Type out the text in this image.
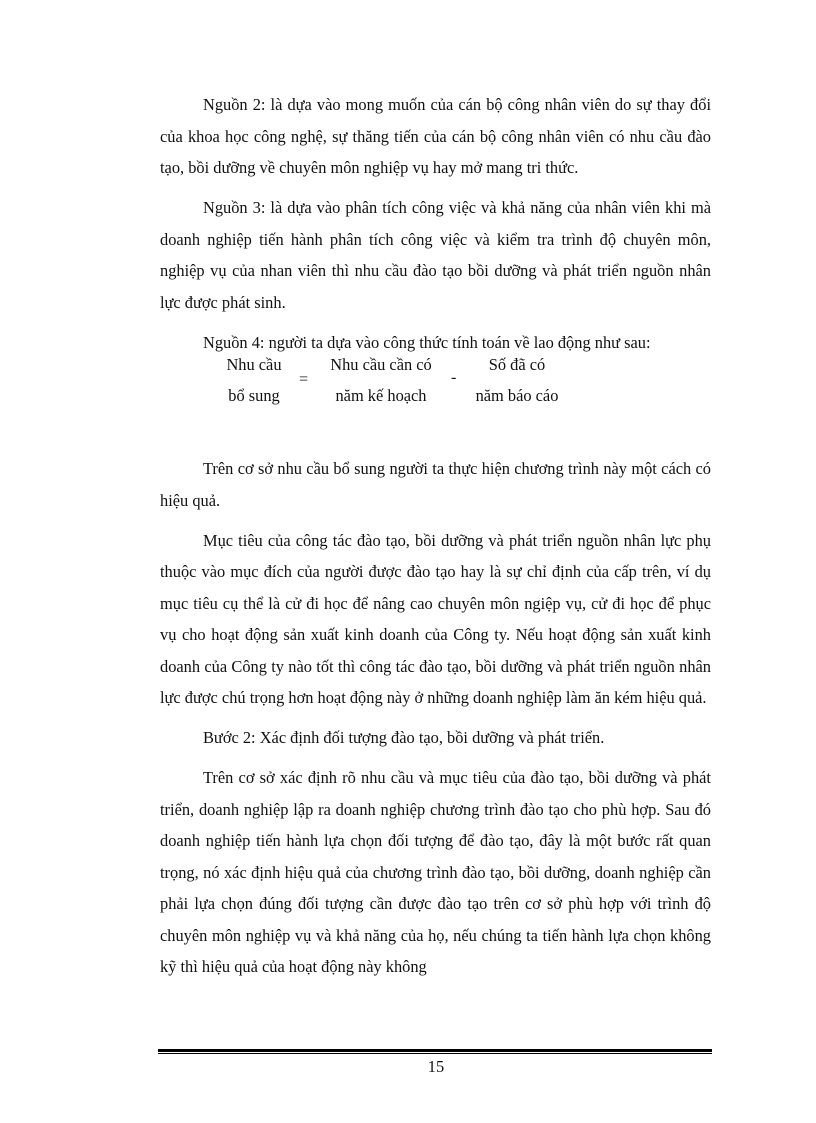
Nguồn 2: là dựa vào mong muốn của cán bộ công nhân viên do sự thay đổi của khoa học công nghệ, sự thăng tiến của cán bộ công nhân viên có nhu cầu đào tạo, bồi dưỡng về chuyên môn nghiệp vụ hay mở mang tri thức.

Nguồn 3: là dựa vào phân tích công việc và khả năng của nhân viên khi mà doanh nghiệp tiến hành phân tích công việc và kiểm tra trình độ chuyên môn, nghiệp vụ của nhan viên thì nhu cầu đào tạo bồi dưỡng và phát triển nguồn nhân lực được phát sinh.

Nguồn 4: người ta dựa vào công thức tính toán về lao động như sau:

Nhu cầu
bổ sung
=
Nhu cầu cần có
năm kế hoạch
-
Số đã có
năm báo cáo

Trên cơ sở nhu cầu bổ sung người ta thực hiện chương trình này một cách có hiệu quả.

Mục tiêu của công tác đào tạo, bồi dưỡng và phát triển nguồn nhân lực phụ thuộc vào mục đích của người được đào tạo hay là sự chỉ định của cấp trên, ví dụ mục tiêu cụ thể là cử đi học để nâng cao chuyên môn ngiệp vụ, cử đi học để phục vụ cho hoạt động sản xuất kinh doanh của Công ty. Nếu hoạt động sản xuất kinh doanh của Công ty nào tốt thì công tác đào tạo, bồi dưỡng và phát triển nguồn nhân lực được chú trọng hơn hoạt động này ở những doanh nghiệp làm ăn kém hiệu quả.

Bước 2: Xác định đối tượng đào tạo, bồi dưỡng và phát triển.

Trên cơ sở xác định rõ nhu cầu và mục tiêu của đào tạo, bồi dưỡng và phát triển, doanh nghiệp lập ra doanh nghiệp chương trình đào tạo cho phù hợp. Sau đó doanh nghiệp tiến hành lựa chọn đối tượng để đào tạo, đây là một bước rất quan trọng, nó xác định hiệu quả của chương trình đào tạo, bồi dưỡng, doanh nghiệp cần phải lựa chọn đúng đối tượng cần được đào tạo trên cơ sở phù hợp với trình độ chuyên môn nghiệp vụ và khả năng của họ, nếu chúng ta tiến hành lựa chọn không kỹ thì hiệu quả của hoạt động này không

15
